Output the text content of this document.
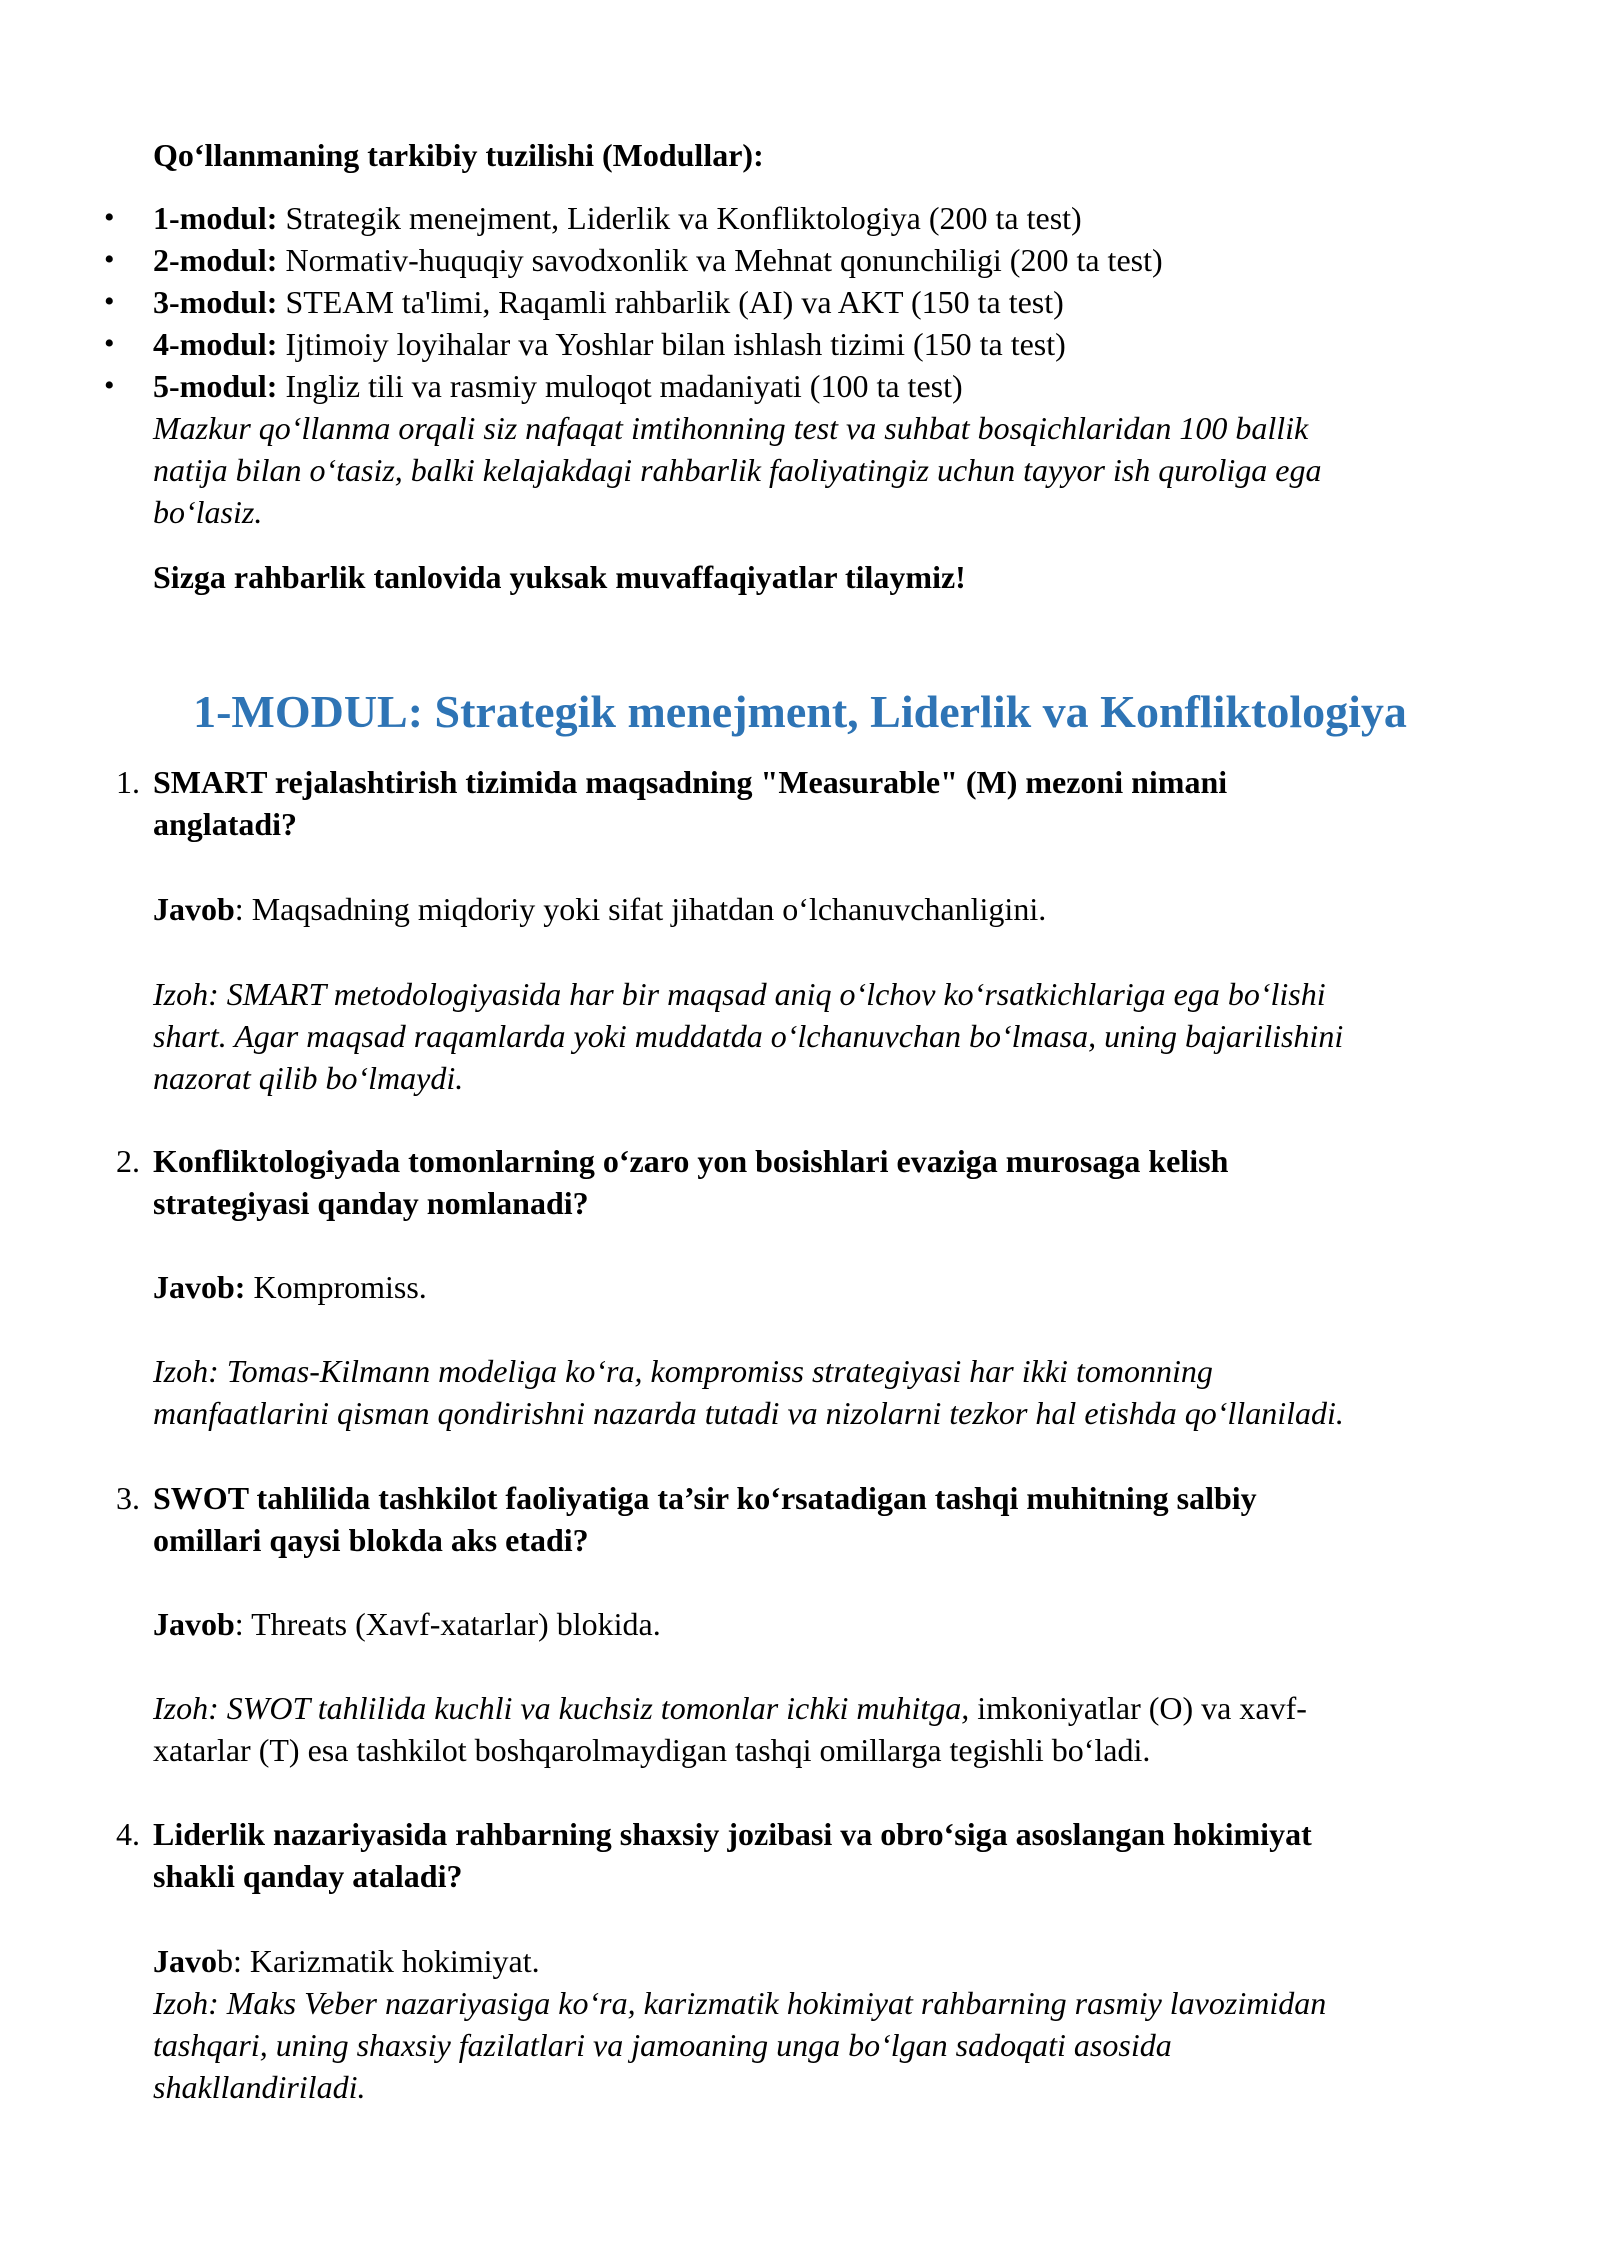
Qo‘llanmaning tarkibiy tuzilishi (Modullar):
• 1-modul: Strategik menejment, Liderlik va Konfliktologiya (200 ta test)
• 2-modul: Normativ-huquqiy savodxonlik va Mehnat qonunchiligi (200 ta test)
• 3-modul: STEAM ta'limi, Raqamli rahbarlik (AI) va AKT (150 ta test)
• 4-modul: Ijtimoiy loyihalar va Yoshlar bilan ishlash tizimi (150 ta test)
• 5-modul: Ingliz tili va rasmiy muloqot madaniyati (100 ta test)
Mazkur qo‘llanma orqali siz nafaqat imtihonning test va suhbat bosqichlaridan 100 ballik
natija bilan o‘tasiz, balki kelajakdagi rahbarlik faoliyatingiz uchun tayyor ish quroliga ega
bo‘lasiz.
Sizga rahbarlik tanlovida yuksak muvaffaqiyatlar tilaymiz!
1-MODUL: Strategik menejment, Liderlik va Konfliktologiya
1. SMART rejalashtirish tizimida maqsadning "Measurable" (M) mezoni nimani
anglatadi?
Javob: Maqsadning miqdoriy yoki sifat jihatdan o‘lchanuvchanligini.
Izoh: SMART metodologiyasida har bir maqsad aniq o‘lchov ko‘rsatkichlariga ega bo‘lishi
shart. Agar maqsad raqamlarda yoki muddatda o‘lchanuvchan bo‘lmasa, uning bajarilishini
nazorat qilib bo‘lmaydi.
2. Konfliktologiyada tomonlarning o‘zaro yon bosishlari evaziga murosaga kelish
strategiyasi qanday nomlanadi?
Javob: Kompromiss.
Izoh: Tomas-Kilmann modeliga ko‘ra, kompromiss strategiyasi har ikki tomonning
manfaatlarini qisman qondirishni nazarda tutadi va nizolarni tezkor hal etishda qo‘llaniladi.
3. SWOT tahlilida tashkilot faoliyatiga ta’sir ko‘rsatadigan tashqi muhitning salbiy
omillari qaysi blokda aks etadi?
Javob: Threats (Xavf-xatarlar) blokida.
Izoh: SWOT tahlilida kuchli va kuchsiz tomonlar ichki muhitga, imkoniyatlar (O) va xavf-
xatarlar (T) esa tashkilot boshqarolmaydigan tashqi omillarga tegishli bo‘ladi.
4. Liderlik nazariyasida rahbarning shaxsiy jozibasi va obro‘siga asoslangan hokimiyat
shakli qanday ataladi?
Javob: Karizmatik hokimiyat.
Izoh: Maks Veber nazariyasiga ko‘ra, karizmatik hokimiyat rahbarning rasmiy lavozimidan
tashqari, uning shaxsiy fazilatlari va jamoaning unga bo‘lgan sadoqati asosida
shakllandiriladi.
